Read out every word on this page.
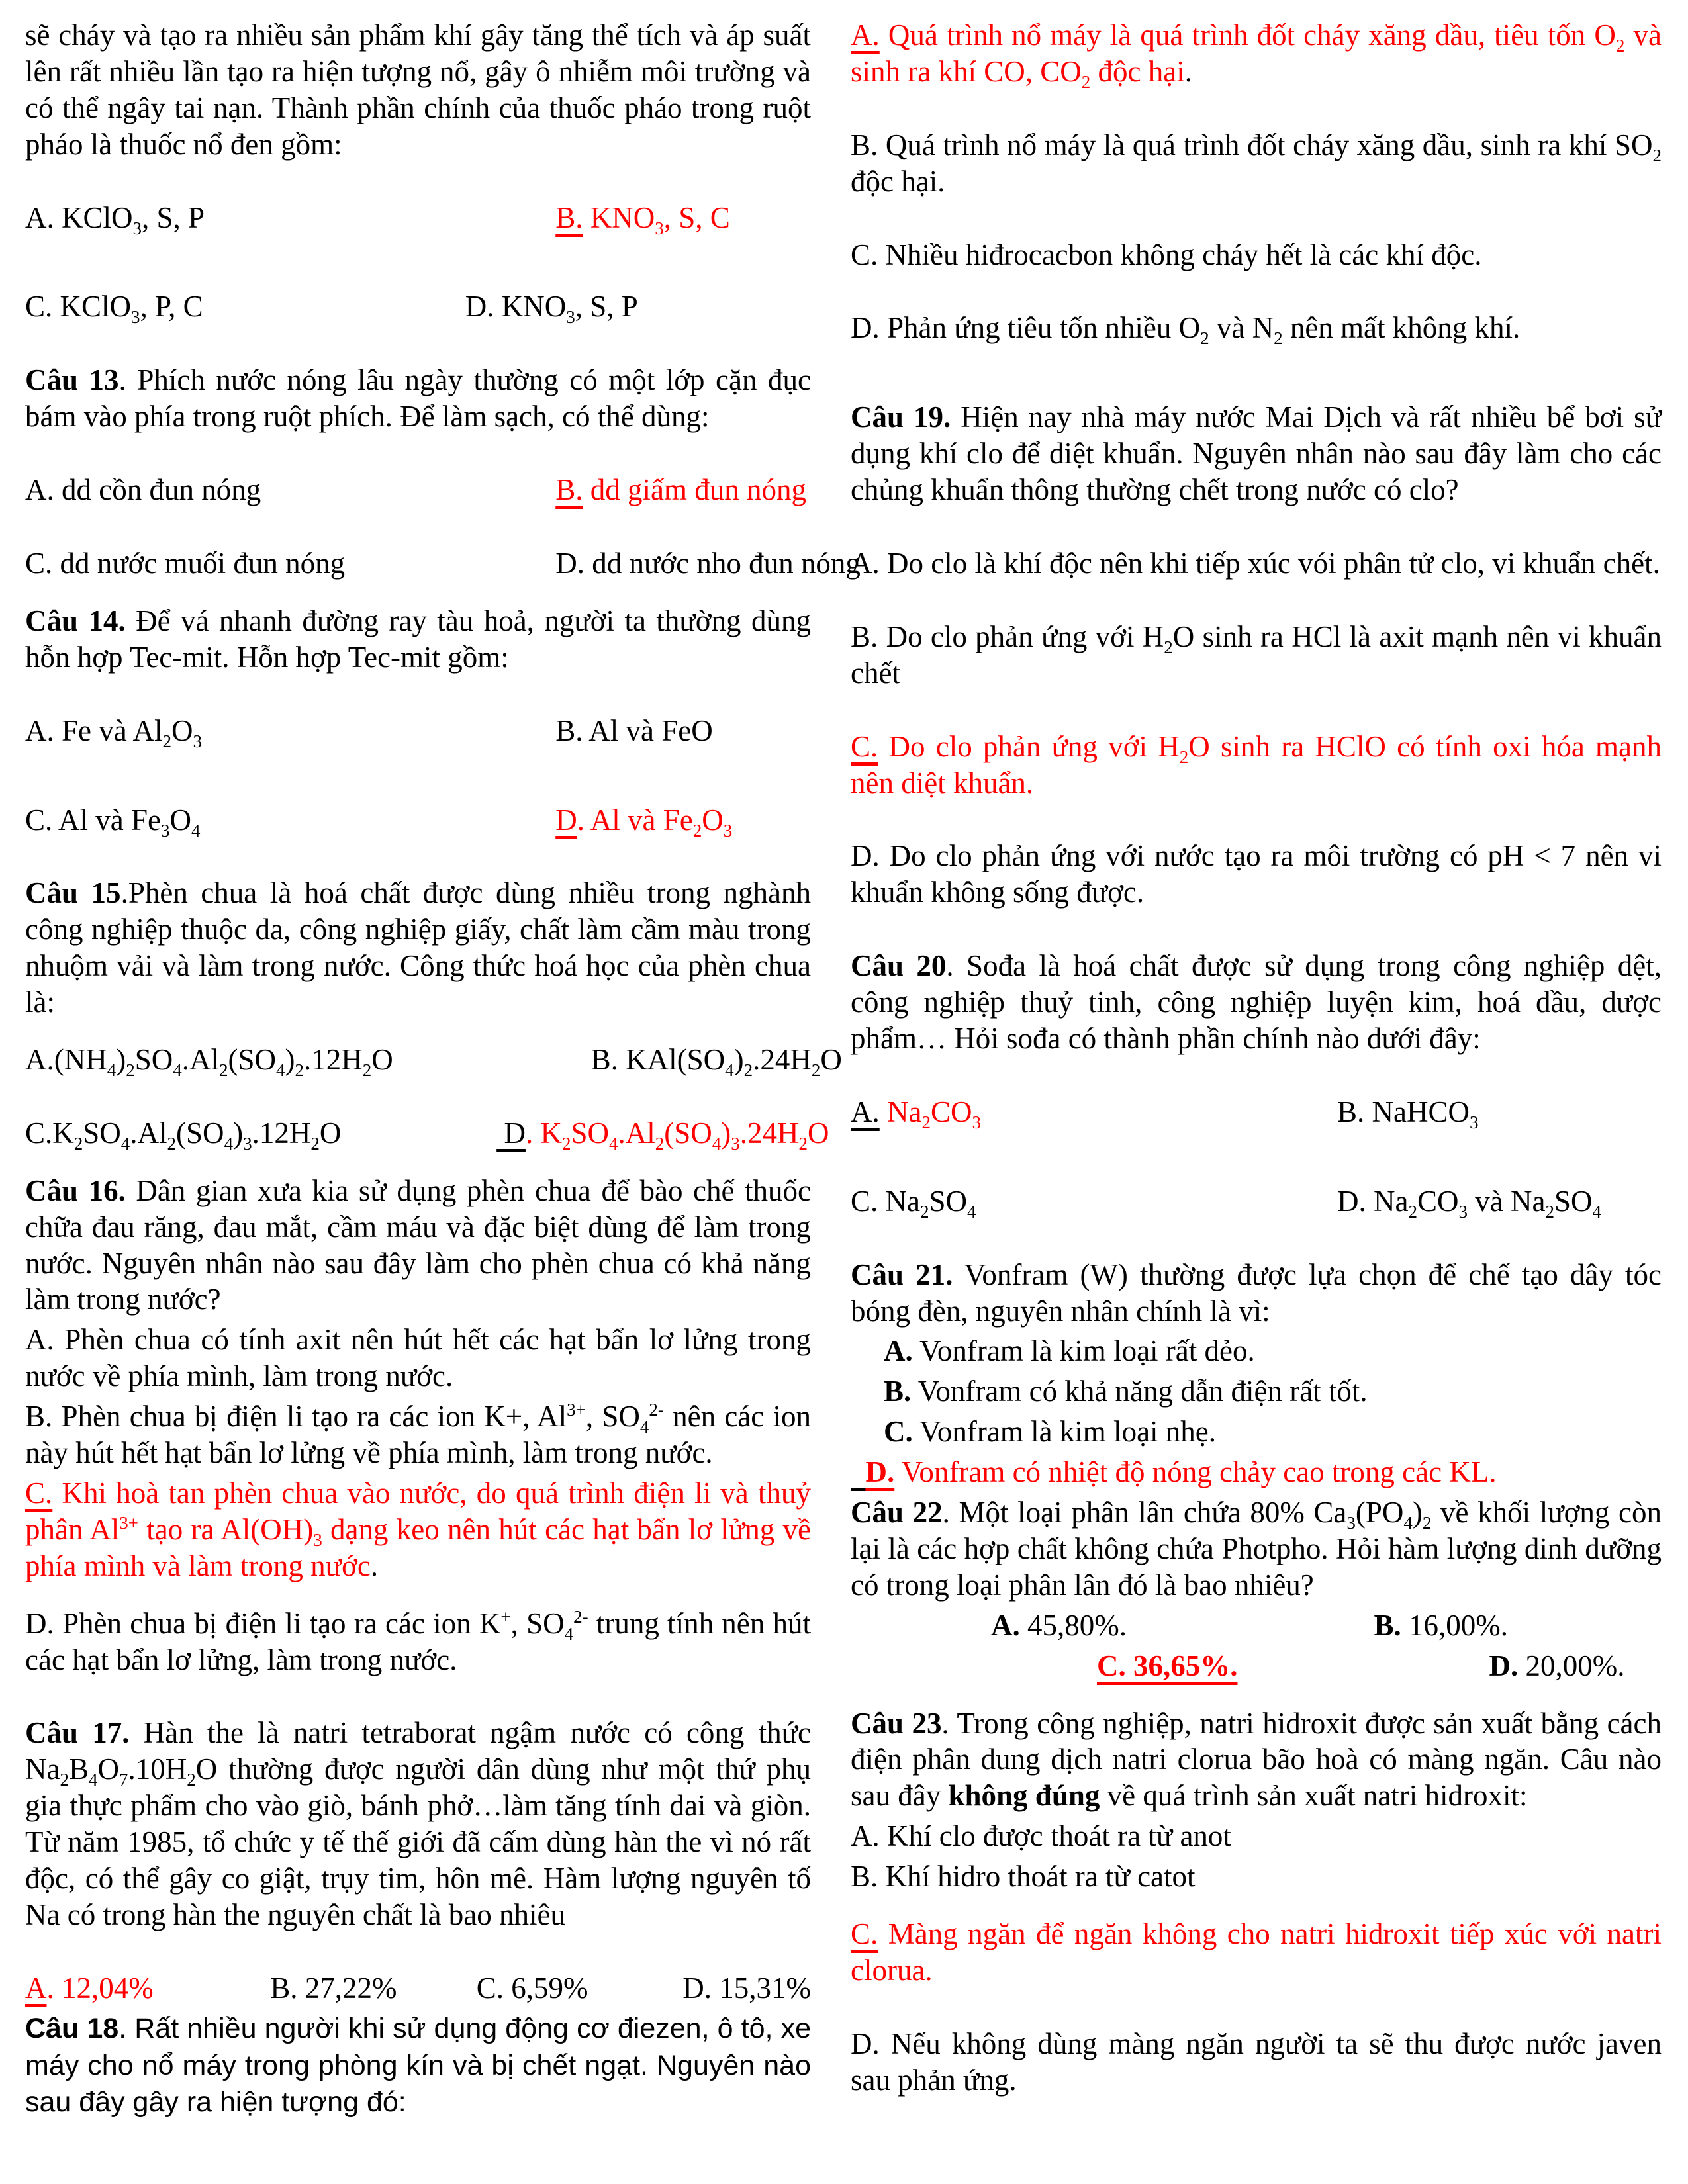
sẽ cháy và tạo ra nhiều sản phẩm khí gây tăng thể tích và áp suất lên rất nhiều lần tạo ra hiện tượng nổ, gây ô nhiễm môi trường và có thể ngây tai nạn. Thành phần chính của thuốc pháo trong ruột pháo là thuốc nổ đen gồm:
A. KClO$_3$, S, P	B. $KNO_3$, S, C
C. KClO$_3$, P, C	D. $KNO_3$, S, P
Câu 13. Phích nước nóng lâu ngày thường có một lớp cặn đục bám vào phía trong ruột phích. Để làm sạch, có thể dùng:
A. dd cồn đun nóng	B. dd giấm đun nóng
C. dd nước muối đun nóng	D. dd nước nho đun nóng
Câu 14. Để vá nhanh đường ray tàu hoả, người ta thường dùng hỗn hợp Tec-mit. Hỗn hợp Tec-mit gồm:
A. Fe và $Al_2O_3$	B. Al và FeO
C. Al và $Fe_3O_4$	D. Al và $Fe_2O_3$
Câu 15.Phèn chua là hoá chất được dùng nhiều trong nghành công nghiệp thuộc da, công nghiệp giấy, chất làm cầm màu trong nhuộm vải và làm trong nước. Công thức hoá học của phèn chua là:
$A.(NH_4)_2SO_4.Al_2(SO_4)_2.12H_2O$	B. $KAl(SO_4)_2.24H_2O$
$C.K_2SO_4.Al_2(SO_4)_3.12H_2O$	D. $K_2SO_4.Al_2(SO_4)_3.24H_2O$
Câu 16. Dân gian xưa kia sử dụng phèn chua để bào chế thuốc chữa đau răng, đau mắt, cầm máu và đặc biệt dùng để làm trong nước. Nguyên nhân nào sau đây làm cho phèn chua có khả năng làm trong nước?
A. Phèn chua có tính axit nên hút hết các hạt bẩn lơ lửng trong nước về phía mình, làm trong nước.
B. Phèn chua bị điện li tạo ra các ion K+, $Al^{3+}$, $SO_4^{2-}$ nên các ion này hút hết hạt bẩn lơ lửng về phía mình, làm trong nước.
C. Khi hoà tan phèn chua vào nước, do quá trình điện li và thuỷ phân $Al^{3+}$ tạo ra $Al(OH)_3$ dạng keo nên hút các hạt bẩn lơ lửng về phía mình và làm trong nước.
D. Phèn chua bị điện li tạo ra các ion K+, $SO_4^{2-}$ trung tính nên hút các hạt bẩn lơ lửng, làm trong nước.
Câu 17. Hàn the là natri tetraborat ngậm nước có công thức $Na_2B_4O_7.10H_2O$ thường được người dân dùng như một thứ phụ gia thực phẩm cho vào giò, bánh phở…làm tăng tính dai và giòn. Từ năm 1985, tổ chức y tế thế giới đã cấm dùng hàn the vì nó rất độc, có thể gây co giật, trụy tim, hôn mê. Hàm lượng nguyên tố Na có trong hàn the nguyên chất là bao nhiêu
A. 12,04%	B. 27,22%	C. 6,59%	D. 15,31%
Câu 18. Rất nhiều người khi sử dụng động cơ điezen, ô tô, xe máy cho nổ máy trong phòng kín và bị chết ngạt. Nguyên nào sau đây gây ra hiện tượng đó:
A. Quá trình nổ máy là quá trình đốt cháy xăng dầu, tiêu tốn $O_2$ và sinh ra khí CO, $CO_2$ độc hại.
B. Quá trình nổ máy là quá trình đốt cháy xăng dầu, sinh ra khí $SO_2$ độc hại.
C. Nhiều hiđrocacbon không cháy hết là các khí độc.
D. Phản ứng tiêu tốn nhiều $O_2$ và $N_2$ nên mất không khí.
Câu 19. Hiện nay nhà máy nước Mai Dịch và rất nhiều bể bơi sử dụng khí clo để diệt khuẩn. Nguyên nhân nào sau đây làm cho các chủng khuẩn thông thường chết trong nước có clo?
A. Do clo là khí độc nên khi tiếp xúc vói phân tử clo, vi khuẩn chết.
B. Do clo phản ứng với $H_2O$ sinh ra HCl là axit mạnh nên vi khuẩn chết
C. Do clo phản ứng với $H_2O$ sinh ra HClO có tính oxi hóa mạnh nên diệt khuẩn.
D. Do clo phản ứng với nước tạo ra môi trường có pH < 7 nên vi khuẩn không sống được.
Câu 20. Sođa là hoá chất được sử dụng trong công nghiệp dệt, công nghiệp thuỷ tinh, công nghiệp luyện kim, hoá dầu, dược phẩm… Hỏi sođa có thành phần chính nào dưới đây:
A. $Na_2CO_3$	B. NaHCO$_3$
C. $Na_2SO_4$	D. $Na_2CO_3$ và $Na_2SO_4$
Câu 21. Vonfram (W) thường được lựa chọn để chế tạo dây tóc bóng đèn, nguyên nhân chính là vì:
A. Vonfram là kim loại rất dẻo.
B. Vonfram có khả năng dẫn điện rất tốt.
C. Vonfram là kim loại nhẹ.
D. Vonfram có nhiệt độ nóng chảy cao trong các KL.
Câu 22. Một loại phân lân chứa 80% $Ca_3(PO_4)_2$ về khối lượng còn lại là các hợp chất không chứa Photpho. Hỏi hàm lượng dinh dưỡng có trong loại phân lân đó là bao nhiêu?
A. 45,80%.	B. 16,00%.
C. 36,65%.	D. 20,00%.
Câu 23. Trong công nghiệp, natri hidroxit được sản xuất bằng cách điện phân dung dịch natri clorua bão hoà có màng ngăn. Câu nào sau đây không đúng về quá trình sản xuất natri hidroxit:
A. Khí clo được thoát ra từ anot
B. Khí hidro thoát ra từ catot
C. Màng ngăn để ngăn không cho natri hidroxit tiếp xúc với natri clorua.
D. Nếu không dùng màng ngăn người ta sẽ thu được nước javen sau phản ứng.
